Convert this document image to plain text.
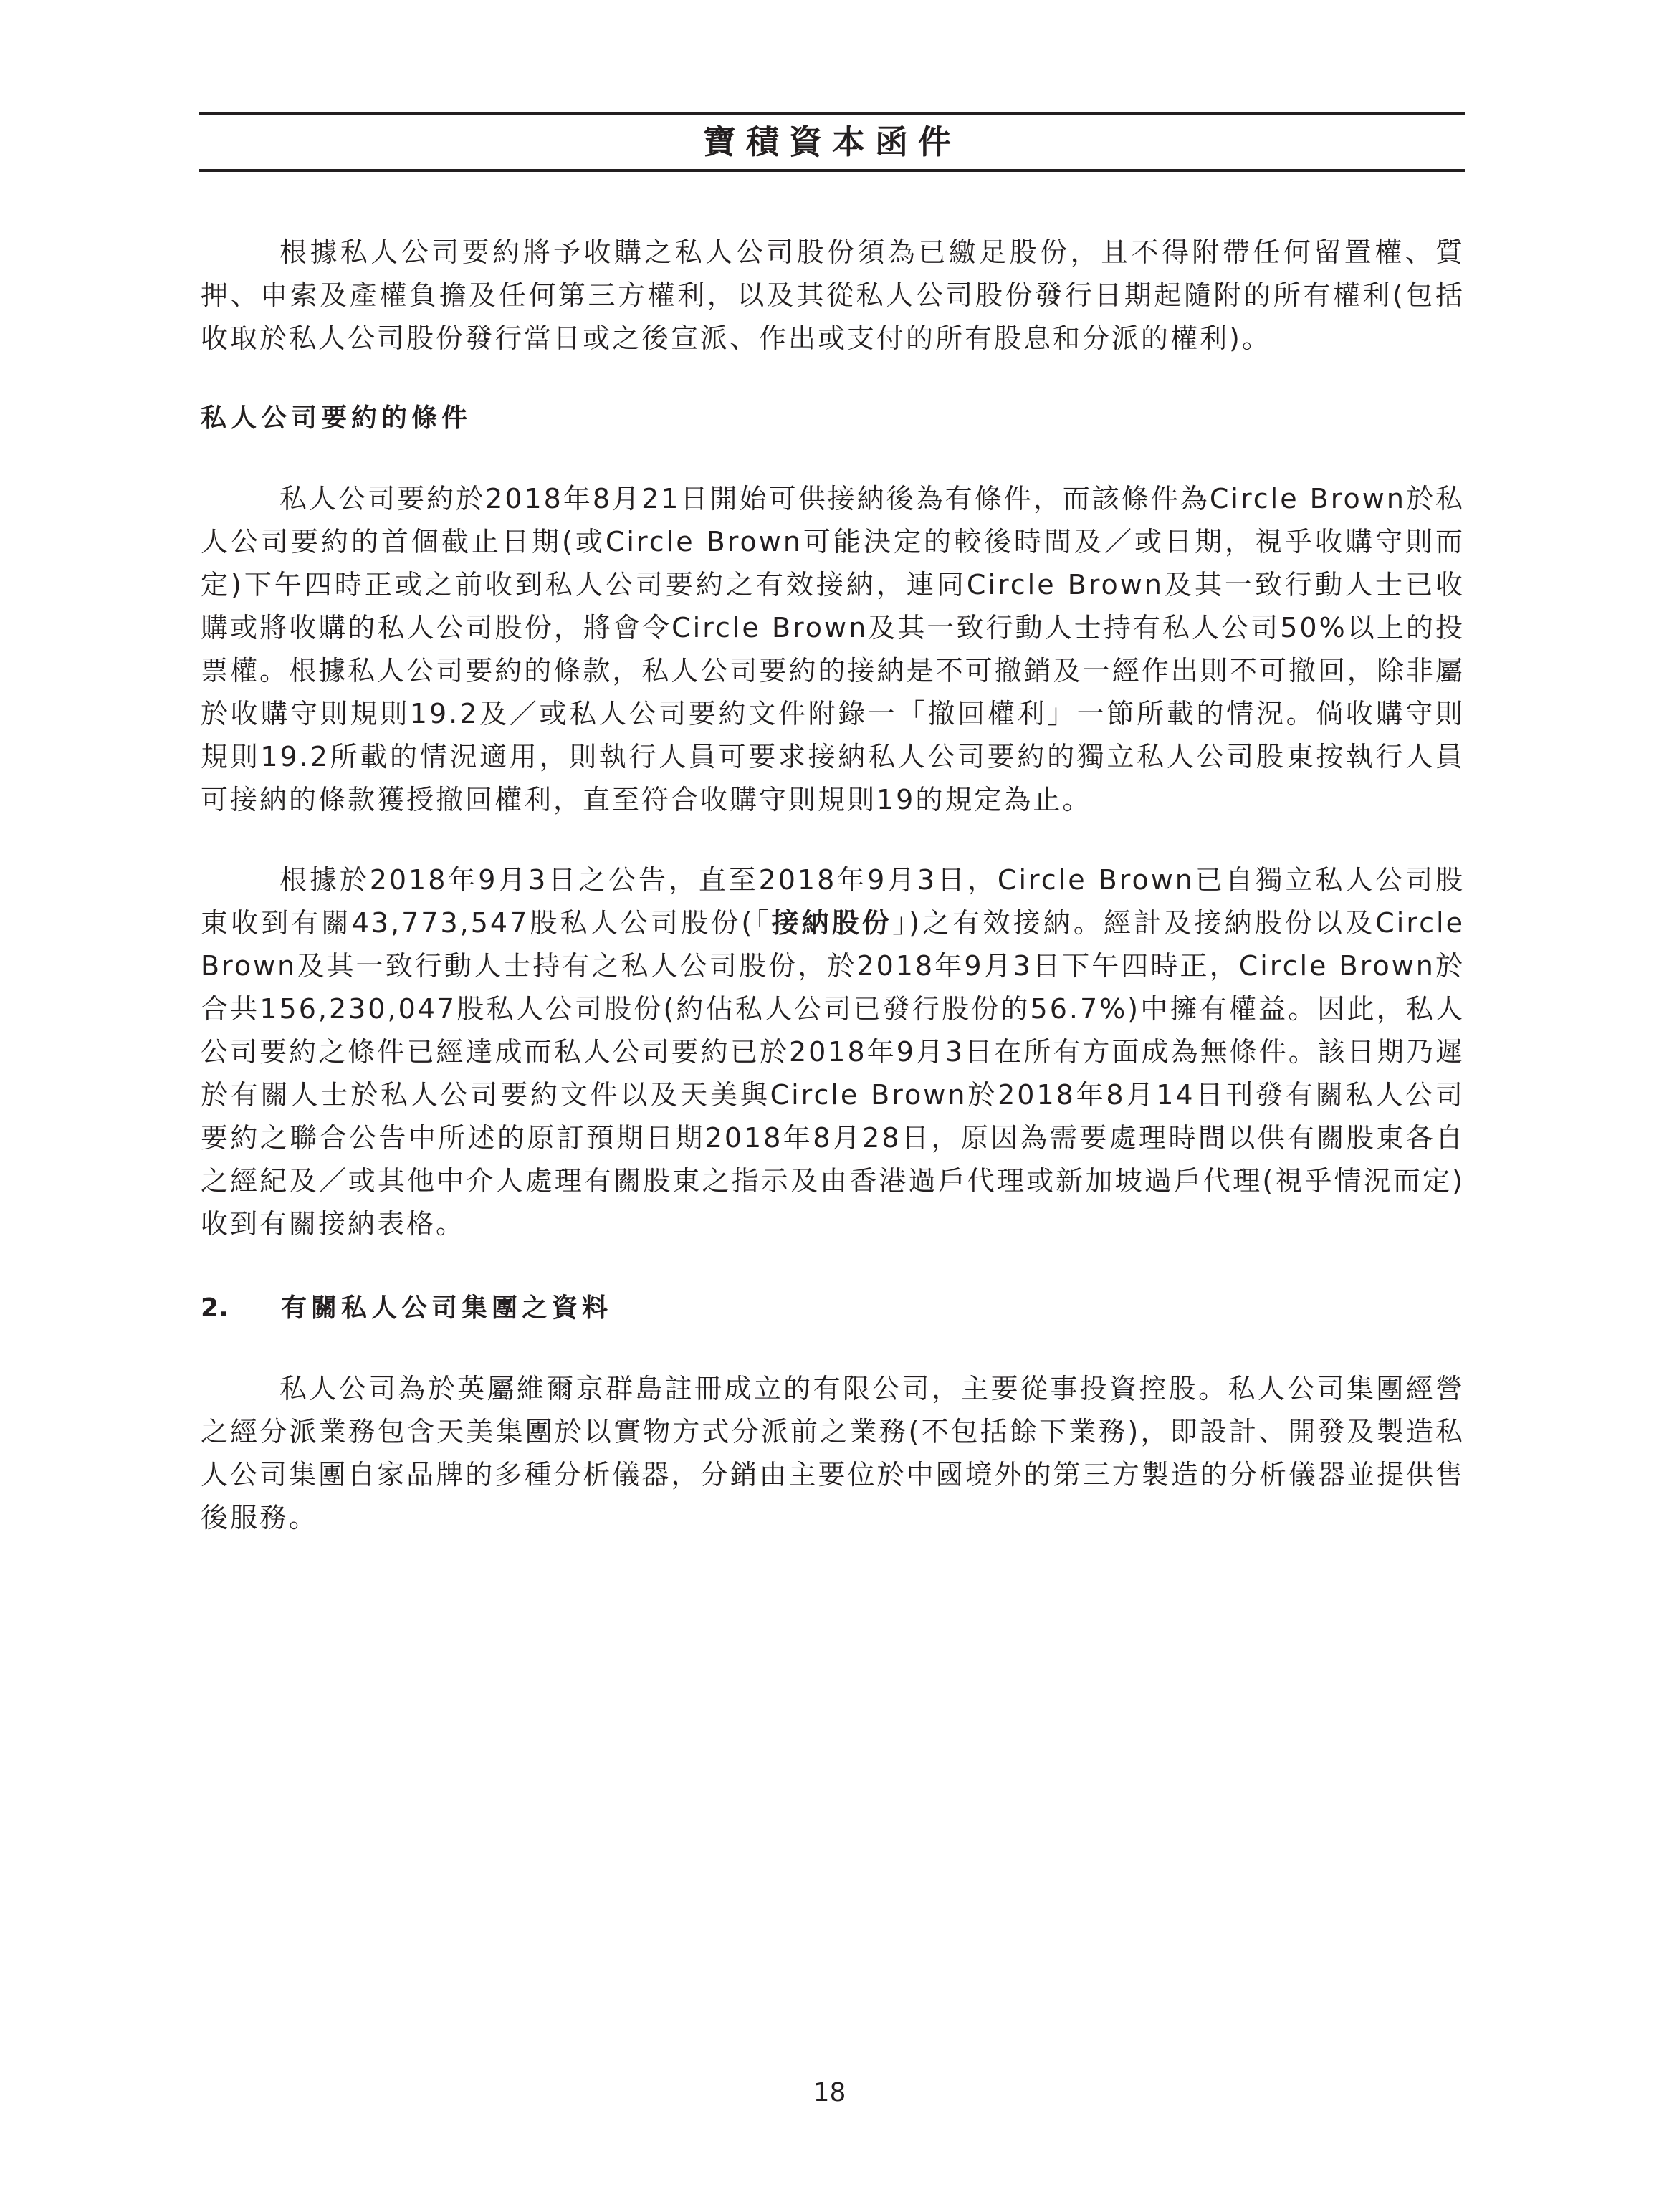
寶積資本函件

根據私人公司要約將予收購之私人公司股份須為已繳足股份，且不得附帶任何留置權、質押、申索及產權負擔及任何第三方權利，以及其從私人公司股份發行日期起隨附的所有權利(包括收取於私人公司股份發行當日或之後宣派、作出或支付的所有股息和分派的權利)。

私人公司要約的條件

私人公司要約於2018年8月21日開始可供接納後為有條件，而該條件為Circle Brown於私人公司要約的首個截止日期(或Circle Brown可能決定的較後時間及／或日期，視乎收購守則而定)下午四時正或之前收到私人公司要約之有效接納，連同Circle Brown及其一致行動人士已收購或將收購的私人公司股份，將會令Circle Brown及其一致行動人士持有私人公司50%以上的投票權。根據私人公司要約的條款，私人公司要約的接納是不可撤銷及一經作出則不可撤回，除非屬於收購守則規則19.2及／或私人公司要約文件附錄一「撤回權利」一節所載的情況。倘收購守則規則19.2所載的情況適用，則執行人員可要求接納私人公司要約的獨立私人公司股東按執行人員可接納的條款獲授撤回權利，直至符合收購守則規則19的規定為止。

根據於2018年9月3日之公告，直至2018年9月3日，Circle Brown已自獨立私人公司股東收到有關43,773,547股私人公司股份(「接納股份」)之有效接納。經計及接納股份以及Circle Brown及其一致行動人士持有之私人公司股份，於2018年9月3日下午四時正，Circle Brown於合共156,230,047股私人公司股份(約佔私人公司已發行股份的56.7%)中擁有權益。因此，私人公司要約之條件已經達成而私人公司要約已於2018年9月3日在所有方面成為無條件。該日期乃遲於有關人士於私人公司要約文件以及天美與Circle Brown於2018年8月14日刊發有關私人公司要約之聯合公告中所述的原訂預期日期2018年8月28日，原因為需要處理時間以供有關股東各自之經紀及／或其他中介人處理有關股東之指示及由香港過戶代理或新加坡過戶代理(視乎情況而定)收到有關接納表格。

2. 有關私人公司集團之資料

私人公司為於英屬維爾京群島註冊成立的有限公司，主要從事投資控股。私人公司集團經營之經分派業務包含天美集團於以實物方式分派前之業務(不包括餘下業務)，即設計、開發及製造私人公司集團自家品牌的多種分析儀器，分銷由主要位於中國境外的第三方製造的分析儀器並提供售後服務。

18
